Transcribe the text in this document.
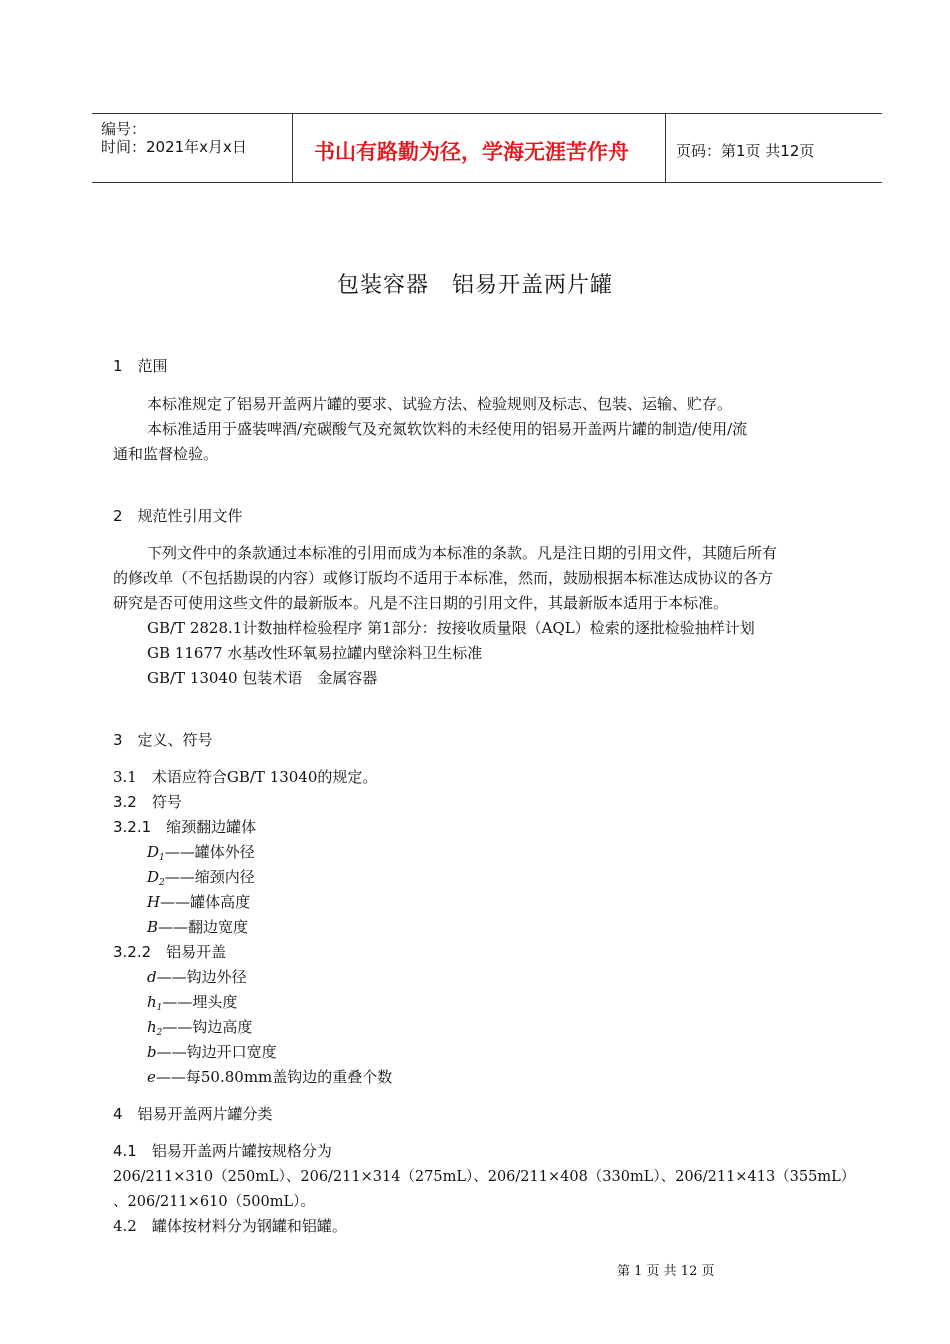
编号：
时间：2021年x月x日	书山有路勤为径，学海无涯苦作舟	页码：第1页 共12页
包装容器　铝易开盖两片罐
1　范围
本标准规定了铝易开盖两片罐的要求、试验方法、检验规则及标志、包装、运输、贮存。
本标准适用于盛装啤酒/充碳酸气及充氮软饮料的未经使用的铝易开盖两片罐的制造/使用/流
通和监督检验。
2　规范性引用文件
下列文件中的条款通过本标准的引用而成为本标准的条款。凡是注日期的引用文件，其随后所有
的修改单（不包括勘误的内容）或修订版均不适用于本标准，然而，鼓励根据本标准达成协议的各方
研究是否可使用这些文件的最新版本。凡是不注日期的引用文件，其最新版本适用于本标准。
GB/T 2828.1计数抽样检验程序 第1部分：按接收质量限（AQL）检索的逐批检验抽样计划
GB 11677 水基改性环氧易拉罐内壁涂料卫生标准
GB/T 13040 包装术语　金属容器
3　定义、符号
3.1　术语应符合GB/T 13040的规定。
3.2　符号
3.2.1　缩颈翻边罐体
$D_1——$罐体外径
$D_2——$缩颈内径
H——罐体高度
B——翻边宽度
3.2.2　铝易开盖
d——钩边外径
$h_1——$埋头度
$h_2——$钩边高度
b——钩边开口宽度
e——每50.80mm盖钩边的重叠个数
4　铝易开盖两片罐分类
4.1　铝易开盖两片罐按规格分为
206/211×310（250mL）、206/211×314（275mL）、206/211×408（330mL）、206/211×413（355mL）
、206/211×610（500mL）。
4.2　罐体按材料分为钢罐和铝罐。
第 1 页 共 12 页
